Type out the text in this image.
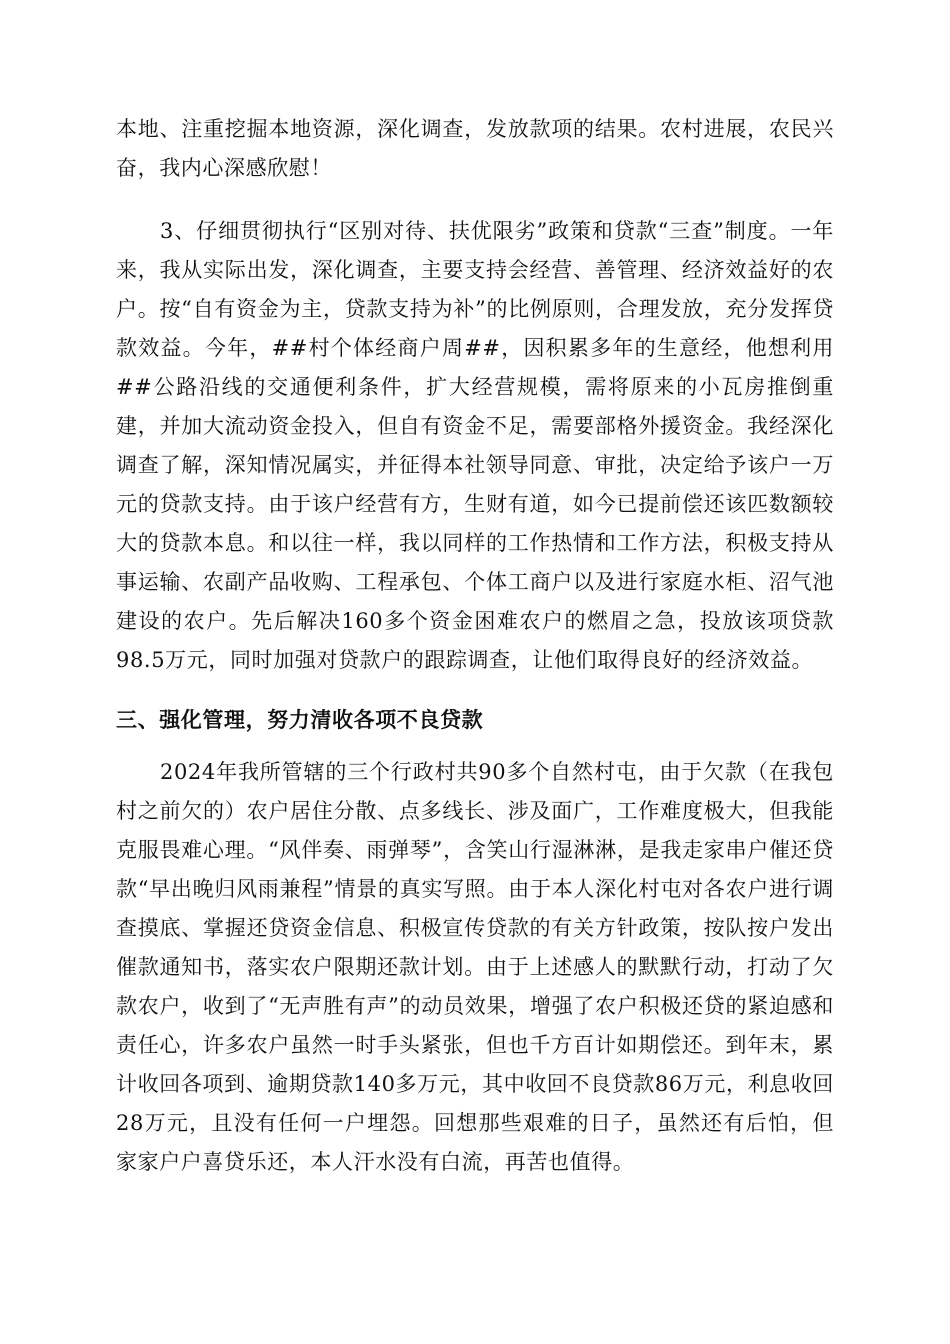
本地、注重挖掘本地资源，深化调查，发放款项的结果。农村进展，农民兴奋，我内心深感欣慰！

3、仔细贯彻执行“区别对待、扶优限劣”政策和贷款“三查”制度。一年来，我从实际出发，深化调查，主要支持会经营、善管理、经济效益好的农户。按“自有资金为主，贷款支持为补”的比例原则，合理发放，充分发挥贷款效益。今年，##村个体经商户周##，因积累多年的生意经，他想利用##公路沿线的交通便利条件，扩大经营规模，需将原来的小瓦房推倒重建，并加大流动资金投入，但自有资金不足，需要部格外援资金。我经深化调查了解，深知情况属实，并征得本社领导同意、审批，决定给予该户一万元的贷款支持。由于该户经营有方，生财有道，如今已提前偿还该匹数额较大的贷款本息。和以往一样，我以同样的工作热情和工作方法，积极支持从事运输、农副产品收购、工程承包、个体工商户以及进行家庭水柜、沼气池建设的农户。先后解决160多个资金困难农户的燃眉之急，投放该项贷款98.5万元，同时加强对贷款户的跟踪调查，让他们取得良好的经济效益。

三、强化管理，努力清收各项不良贷款

2024年我所管辖的三个行政村共90多个自然村屯，由于欠款（在我包村之前欠的）农户居住分散、点多线长、涉及面广，工作难度极大，但我能克服畏难心理。“风伴奏、雨弹琴”，含笑山行湿淋淋，是我走家串户催还贷款“早出晚归风雨兼程”情景的真实写照。由于本人深化村屯对各农户进行调查摸底、掌握还贷资金信息、积极宣传贷款的有关方针政策，按队按户发出催款通知书，落实农户限期还款计划。由于上述感人的默默行动，打动了欠款农户，收到了“无声胜有声”的动员效果，增强了农户积极还贷的紧迫感和责任心，许多农户虽然一时手头紧张，但也千方百计如期偿还。到年末，累计收回各项到、逾期贷款140多万元，其中收回不良贷款86万元，利息收回28万元，且没有任何一户埋怨。回想那些艰难的日子，虽然还有后怕，但家家户户喜贷乐还，本人汗水没有白流，再苦也值得。
